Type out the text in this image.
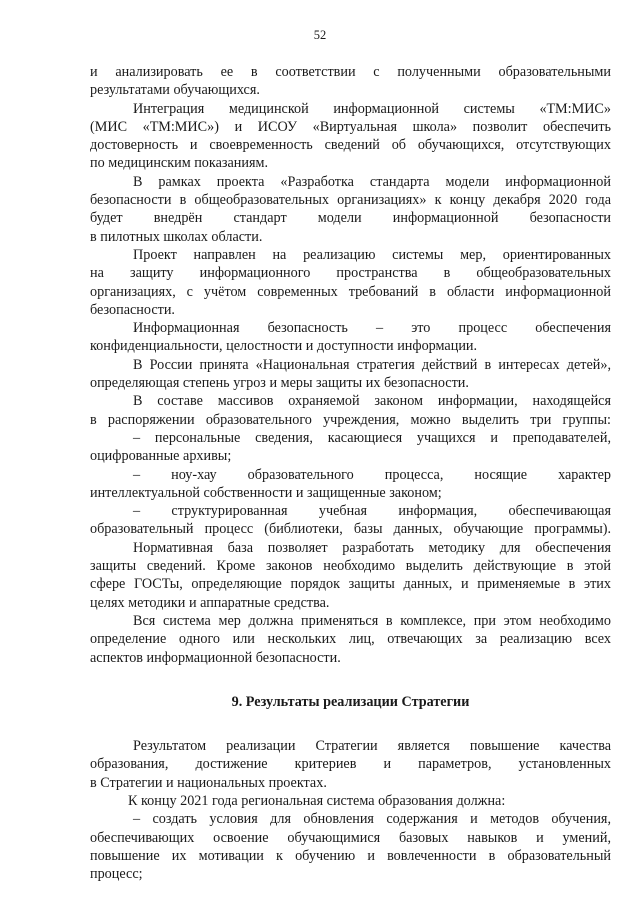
52
и анализировать ее в соответствии с полученными образовательными
результатами обучающихся.
Интеграция медицинской информационной системы «ТМ:МИС»
(МИС «ТМ:МИС») и ИСОУ «Виртуальная школа» позволит обеспечить
достоверность и своевременность сведений об обучающихся, отсутствующих
по медицинским показаниям.
В рамках проекта «Разработка стандарта модели информационной
безопасности в общеобразовательных организациях» к концу декабря 2020 года
будет внедрён стандарт модели информационной безопасности
в пилотных школах области.
Проект направлен на реализацию системы мер, ориентированных
на защиту информационного пространства в общеобразовательных
организациях, с учётом современных требований в области информационной
безопасности.
Информационная безопасность – это процесс обеспечения
конфиденциальности, целостности и доступности информации.
В России принята «Национальная стратегия действий в интересах детей»,
определяющая степень угроз и меры защиты их безопасности.
В составе массивов охраняемой законом информации, находящейся
в распоряжении образовательного учреждения, можно выделить три группы:
– персональные сведения, касающиеся учащихся и преподавателей,
оцифрованные архивы;
– ноу-хау образовательного процесса, носящие характер
интеллектуальной собственности и защищенные законом;
– структурированная учебная информация, обеспечивающая
образовательный процесс (библиотеки, базы данных, обучающие программы).
Нормативная база позволяет разработать методику для обеспечения
защиты сведений. Кроме законов необходимо выделить действующие в этой
сфере ГОСТы, определяющие порядок защиты данных, и применяемые в этих
целях методики и аппаратные средства.
Вся система мер должна применяться в комплексе, при этом необходимо
определение одного или нескольких лиц, отвечающих за реализацию всех
аспектов информационной безопасности.
9. Результаты реализации Стратегии
Результатом реализации Стратегии является повышение качества
образования, достижение критериев и параметров, установленных
в Стратегии и национальных проектах.
К концу 2021 года региональная система образования должна:
– создать условия для обновления содержания и методов обучения,
обеспечивающих освоение обучающимися базовых навыков и умений,
повышение их мотивации к обучению и вовлеченности в образовательный
процесс;
